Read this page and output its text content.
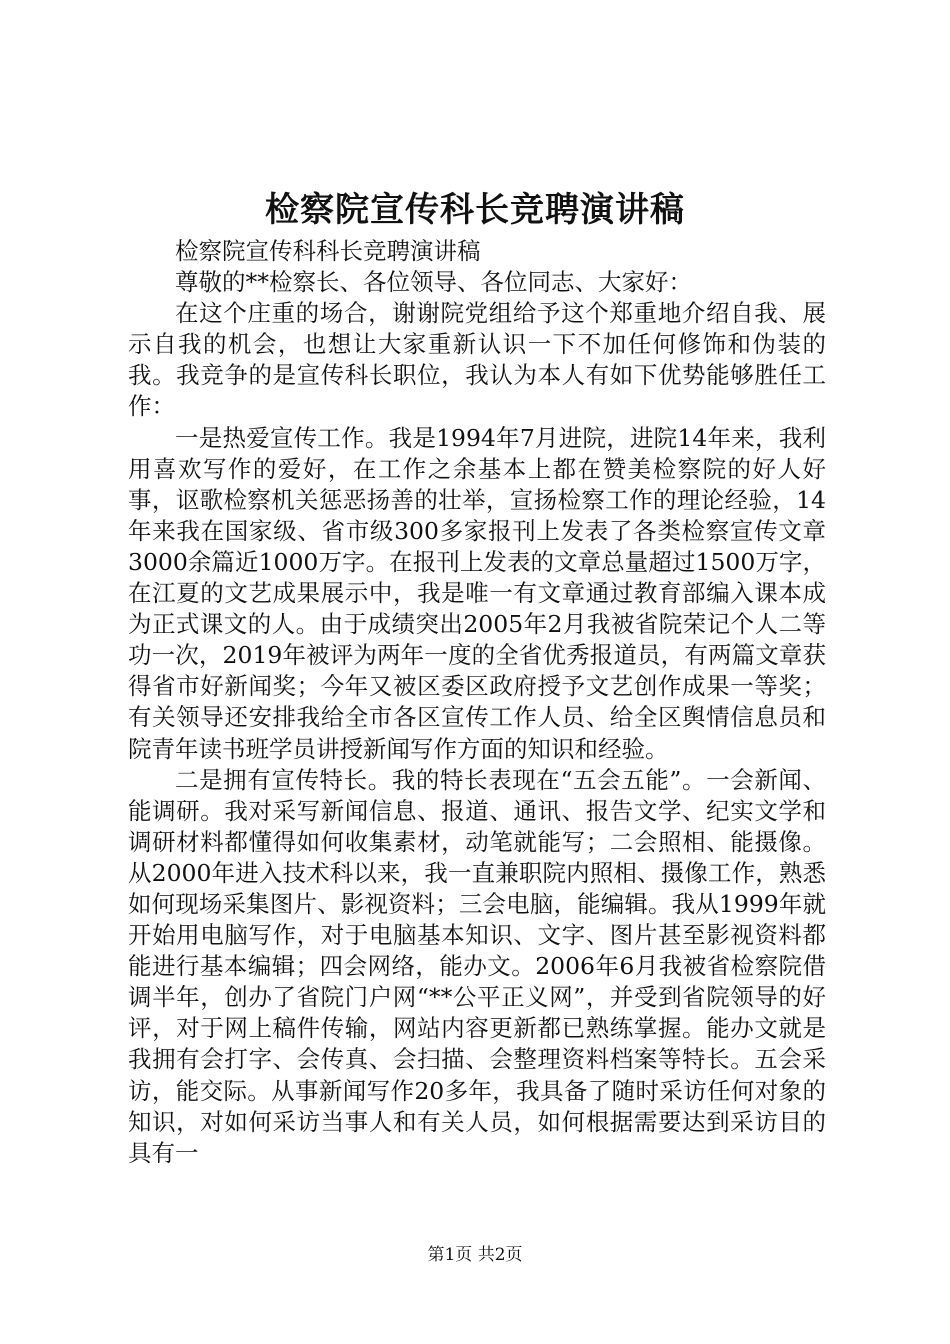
检察院宣传科长竞聘演讲稿

检察院宣传科科长竞聘演讲稿

尊敬的**检察长、各位领导、各位同志、大家好：

在这个庄重的场合，谢谢院党组给予这个郑重地介绍自我、展示自我的机会，也想让大家重新认识一下不加任何修饰和伪装的我。我竞争的是宣传科长职位，我认为本人有如下优势能够胜任工作：

一是热爱宣传工作。我是1994年7月进院，进院14年来，我利用喜欢写作的爱好，在工作之余基本上都在赞美检察院的好人好事，讴歌检察机关惩恶扬善的壮举，宣扬检察工作的理论经验，14年来我在国家级、省市级300多家报刊上发表了各类检察宣传文章3000余篇近1000万字。在报刊上发表的文章总量超过1500万字，在江夏的文艺成果展示中，我是唯一有文章通过教育部编入课本成为正式课文的人。由于成绩突出2005年2月我被省院荣记个人二等功一次，2019年被评为两年一度的全省优秀报道员，有两篇文章获得省市好新闻奖；今年又被区委区政府授予文艺创作成果一等奖；有关领导还安排我给全市各区宣传工作人员、给全区舆情信息员和院青年读书班学员讲授新闻写作方面的知识和经验。

二是拥有宣传特长。我的特长表现在“五会五能”。一会新闻、能调研。我对采写新闻信息、报道、通讯、报告文学、纪实文学和调研材料都懂得如何收集素材，动笔就能写；二会照相、能摄像。从2000年进入技术科以来，我一直兼职院内照相、摄像工作，熟悉如何现场采集图片、影视资料；三会电脑，能编辑。我从1999年就开始用电脑写作，对于电脑基本知识、文字、图片甚至影视资料都能进行基本编辑；四会网络，能办文。2006年6月我被省检察院借调半年，创办了省院门户网“**公平正义网”，并受到省院领导的好评，对于网上稿件传输，网站内容更新都已熟练掌握。能办文就是我拥有会打字、会传真、会扫描、会整理资料档案等特长。五会采访，能交际。从事新闻写作20多年，我具备了随时采访任何对象的知识，对如何采访当事人和有关人员，如何根据需要达到采访目的具有一

第1页 共2页
